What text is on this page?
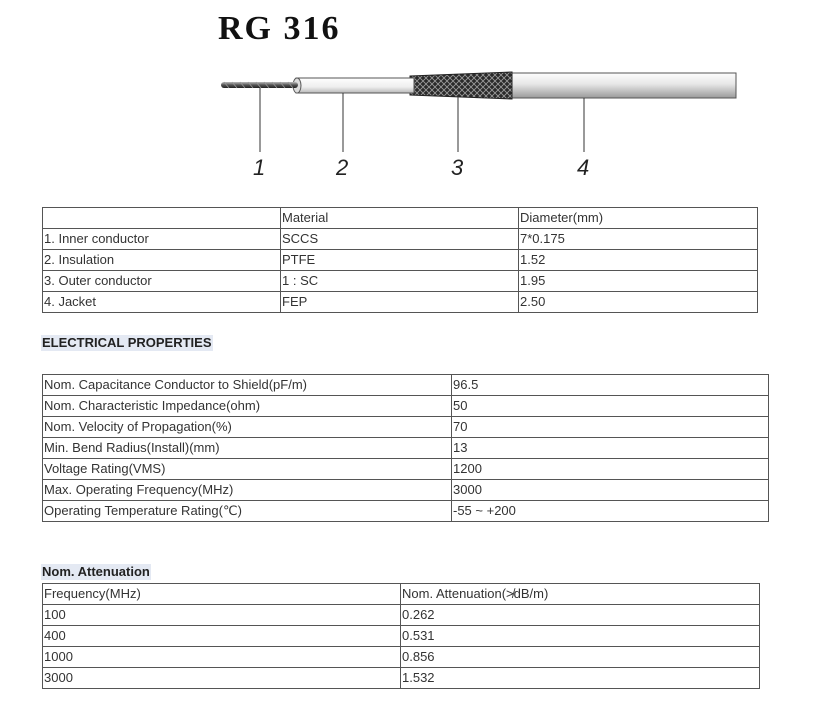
RG 316
1	2	3	4
	Material	Diameter(mm)
1. Inner conductor	SCCS	7*0.175
2. Insulation	PTFE	1.52
3. Outer conductor	1 : SC	1.95
4. Jacket	FEP	2.50
ELECTRICAL PROPERTIES
Nom. Capacitance Conductor to Shield(pF/m)	96.5
Nom. Characteristic Impedance(ohm)	50
Nom. Velocity of Propagation(%)	70
Min. Bend Radius(Install)(mm)	13
Voltage Rating(VMS)	1200
Max. Operating Frequency(MHz)	3000
Operating Temperature Rating(℃)	-55 ~ +200
Nom. Attenuation
Frequency(MHz)	Nom. Attenuation(≯dB/m)
100	0.262
400	0.531
1000	0.856
3000	1.532
